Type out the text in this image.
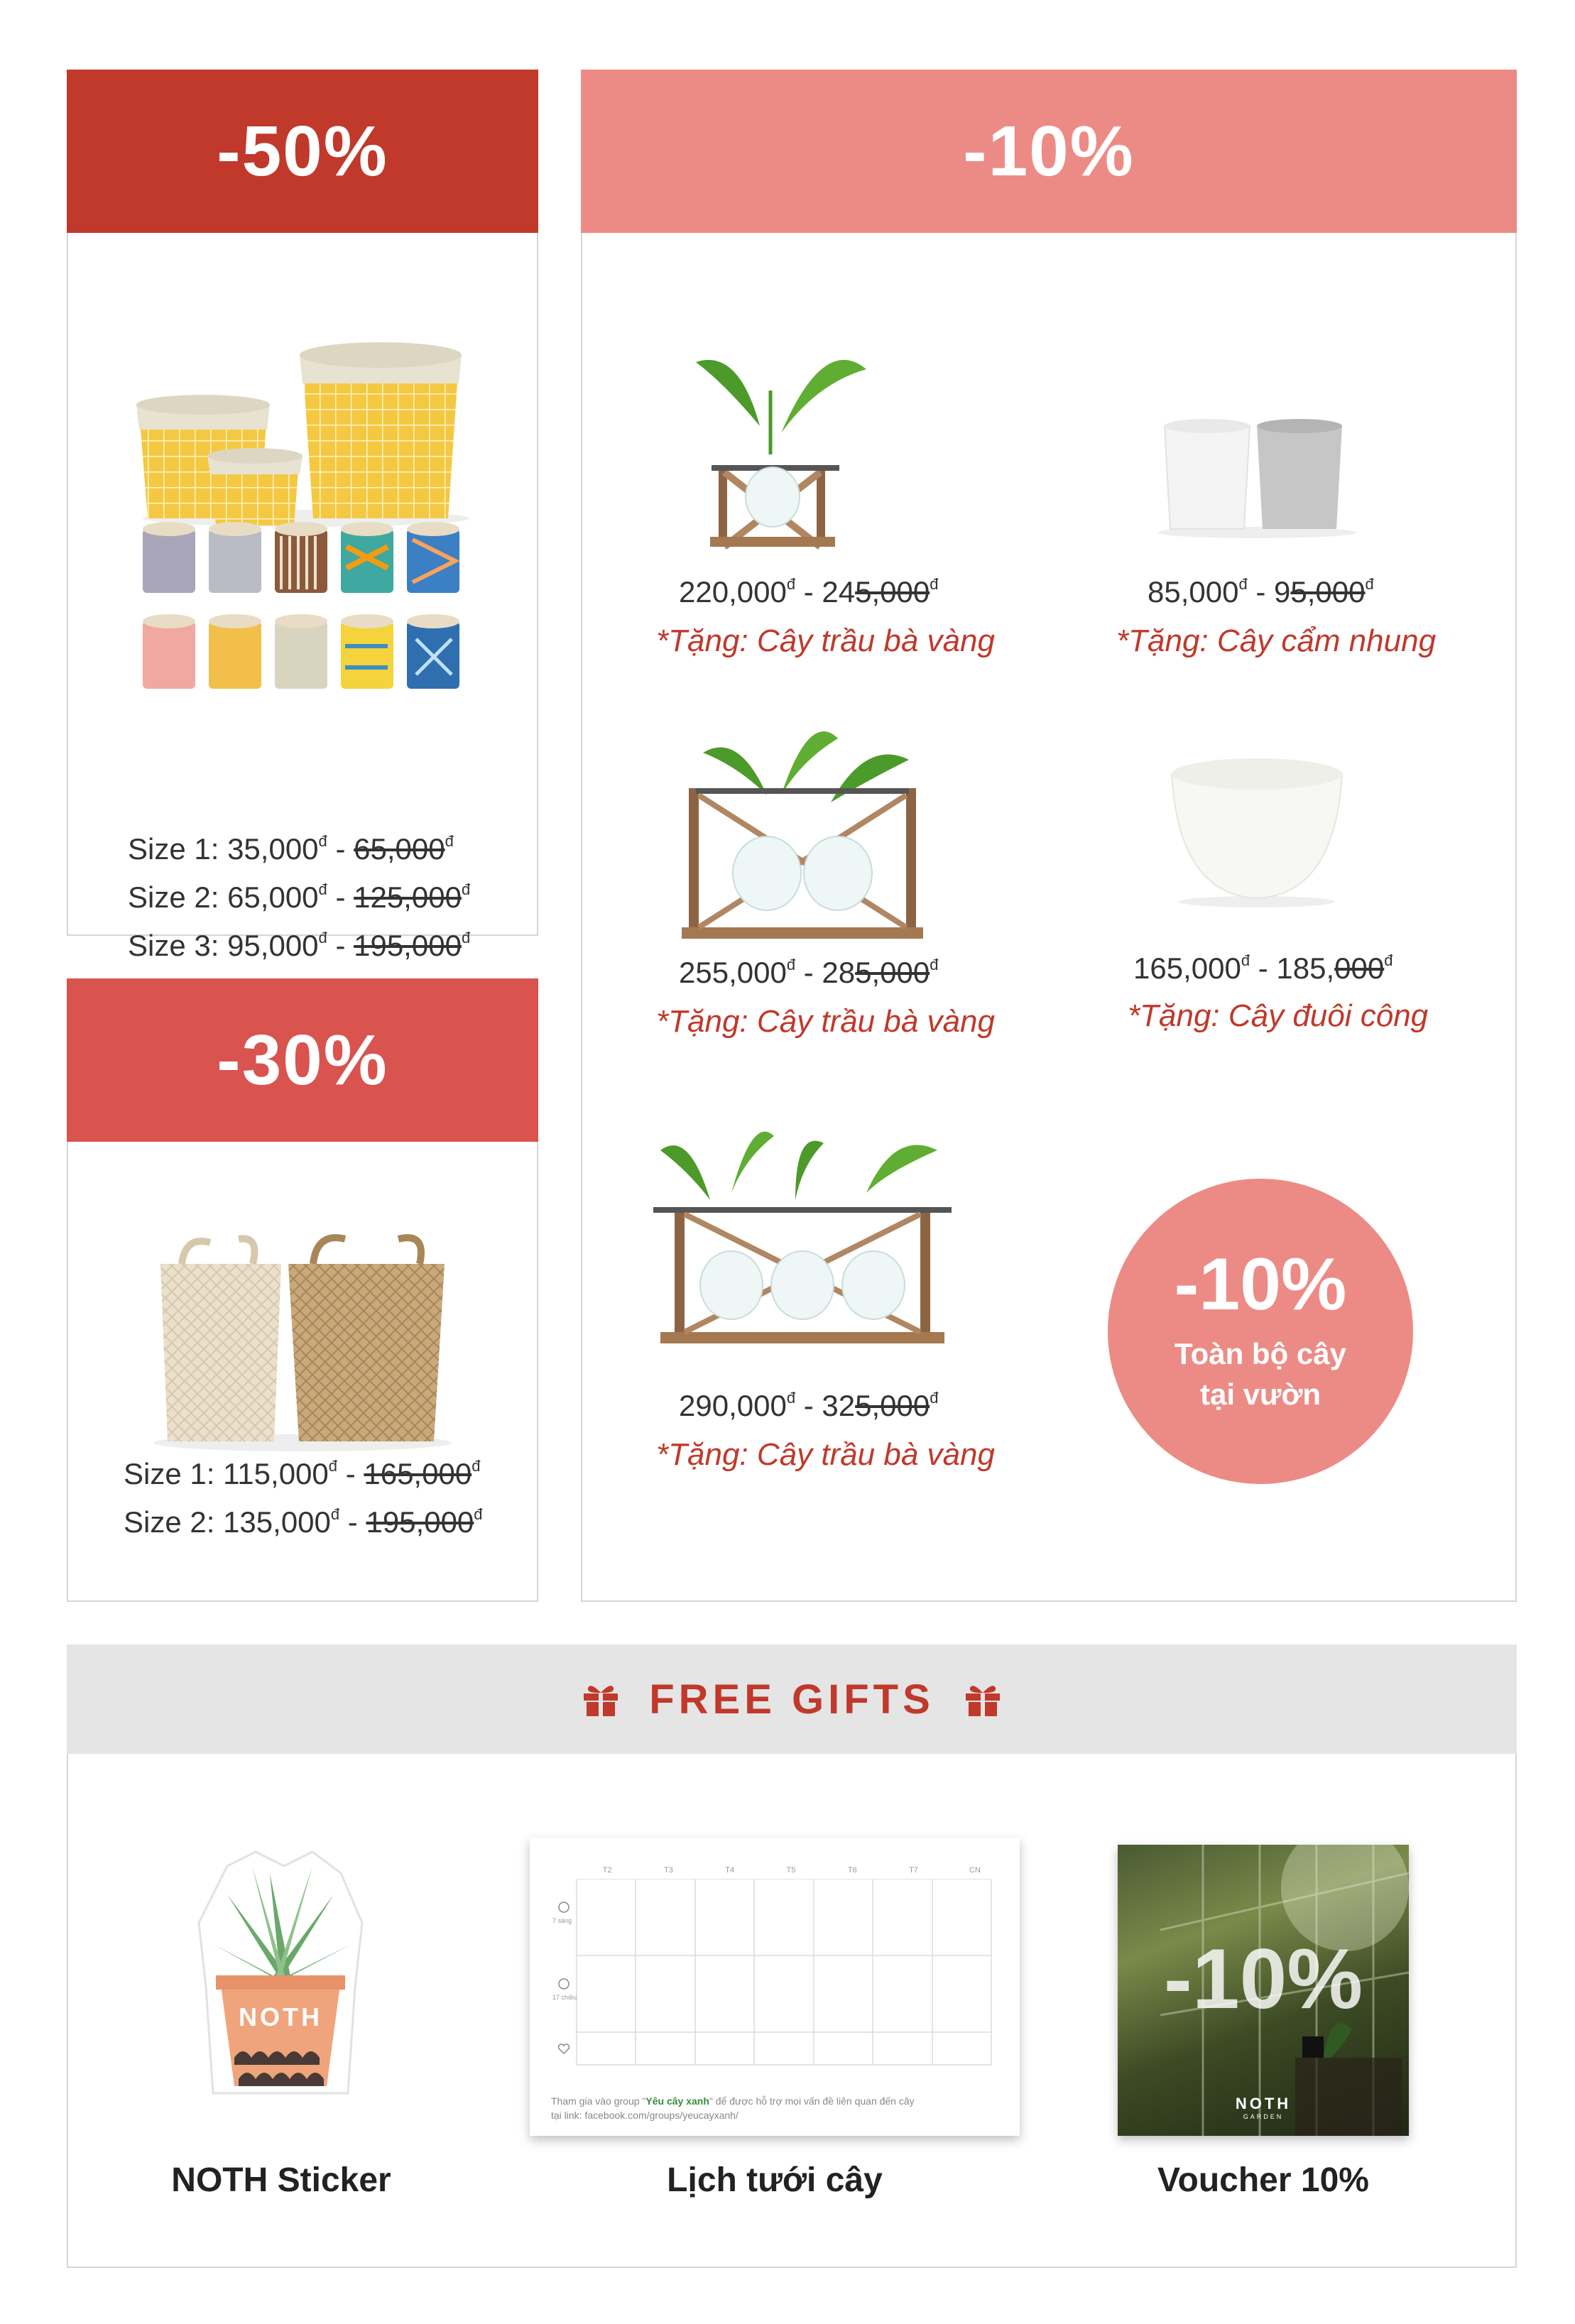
-50%
Size 1: $35,000^đ - 65,000^đ$
Size 2: $65,000^đ - 125,000^đ$
Size 3: $95,000^đ - 195,000^đ$
-30%
Size 1: $115,000^đ - 165,000^đ$
Size 2: $135,000^đ - 195,000^đ$
-10%
$220,000^đ - 245,000^đ$
*Tặng: Cây trầu bà vàng
$85,000^đ - 95,000^đ$
*Tặng: Cây cẩm nhung
$255,000^đ - 285,000^đ$
*Tặng: Cây trầu bà vàng
$165,000^đ - 185,000^đ$
*Tặng: Cây đuôi công
$290,000^đ - 325,000^đ$
*Tặng: Cây trầu bà vàng
-10%
Toàn bộ cây
tại vườn
FREE GIFTS
NOTH
NOTH Sticker
T2	T3	T4	T5	T6	T7	CN
7 sáng
17 chiều
Tham gia vào group "Yêu cây xanh" để được hỗ trợ mọi vấn đề liên quan đến cây
tại link: facebook.com/groups/yeucayxanh/
Lịch tưới cây
-10%
NOTH
GARDEN
Voucher 10%
